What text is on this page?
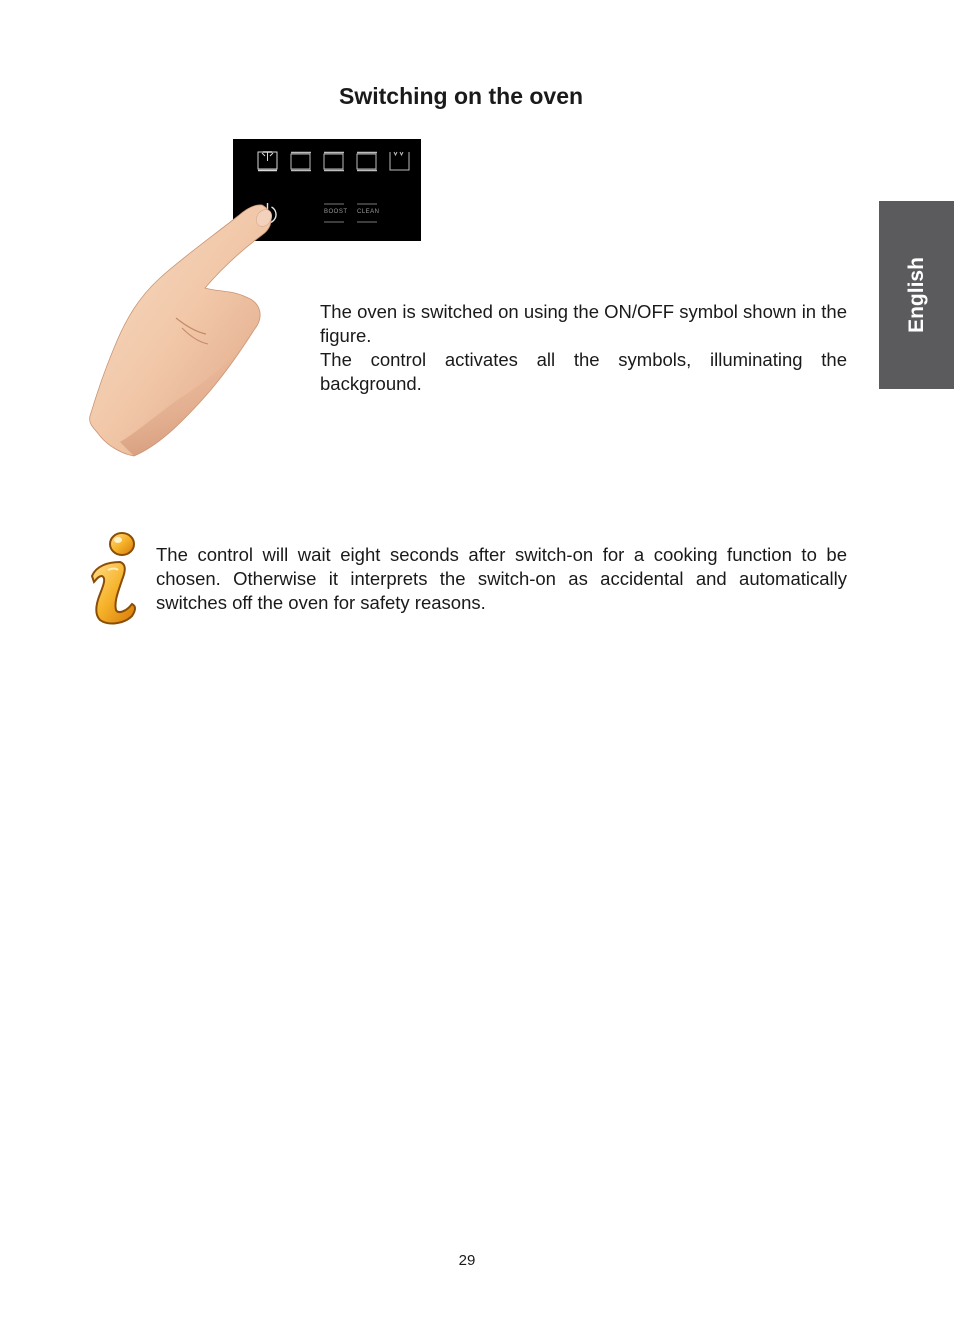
Switching on the oven
English
BOOST CLEAN

The oven is switched on using the ON/OFF symbol shown in the figure.

The control activates all the symbols, illuminating the background.

The control will wait eight seconds after switch-on for a cooking function to be chosen. Otherwise it interprets the switch-on as accidental and automatically switches off the oven for safety reasons.

29
